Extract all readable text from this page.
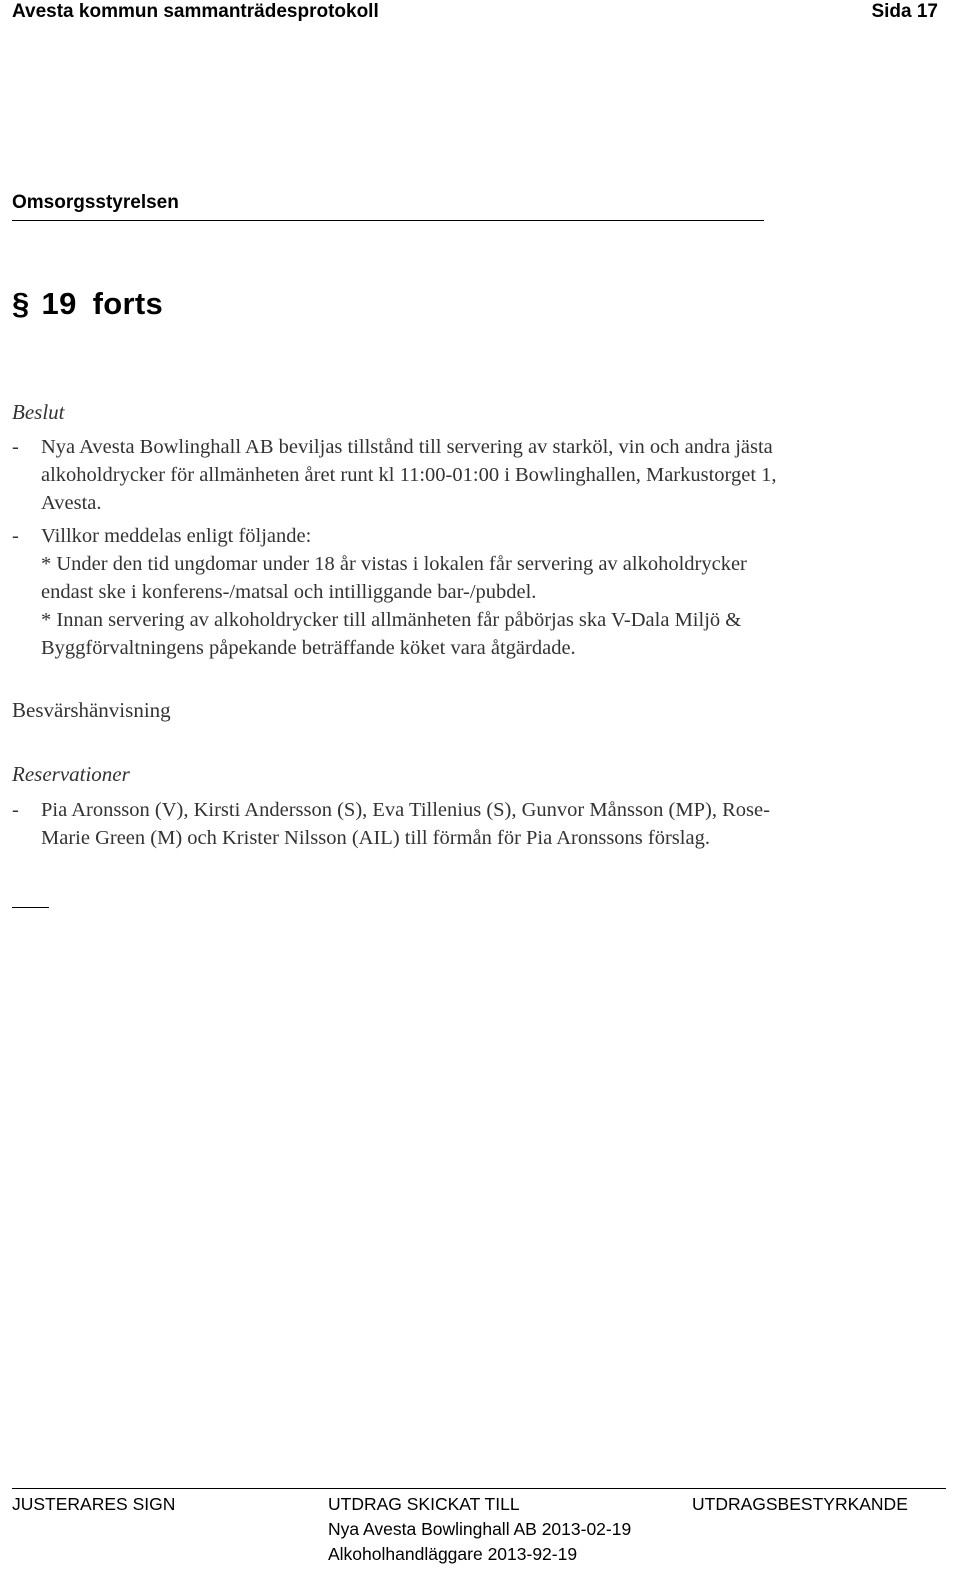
Avesta kommun sammanträdesprotokoll	Sida 17
Omsorgsstyrelsen
§ 19 forts
Beslut
- Nya Avesta Bowlinghall AB beviljas tillstånd till servering av starköl, vin och andra jästa
alkoholdrycker för allmänheten året runt kl 11:00-01:00 i Bowlinghallen, Markustorget 1,
Avesta.
- Villkor meddelas enligt följande:
* Under den tid ungdomar under 18 år vistas i lokalen får servering av alkoholdrycker
endast ske i konferens-/matsal och intilliggande bar-/pubdel.
* Innan servering av alkoholdrycker till allmänheten får påbörjas ska V-Dala Miljö &
Byggförvaltningens påpekande beträffande köket vara åtgärdade.
Besvärshänvisning
Reservationer
- Pia Aronsson (V), Kirsti Andersson (S), Eva Tillenius (S), Gunvor Månsson (MP), Rose-
Marie Green (M) och Krister Nilsson (AIL) till förmån för Pia Aronssons förslag.
JUSTERARES SIGN	UTDRAG SKICKAT TILL
Nya Avesta Bowlinghall AB 2013-02-19
Alkoholhandläggare 2013-92-19
UTDRAGSBESTYRKANDE
